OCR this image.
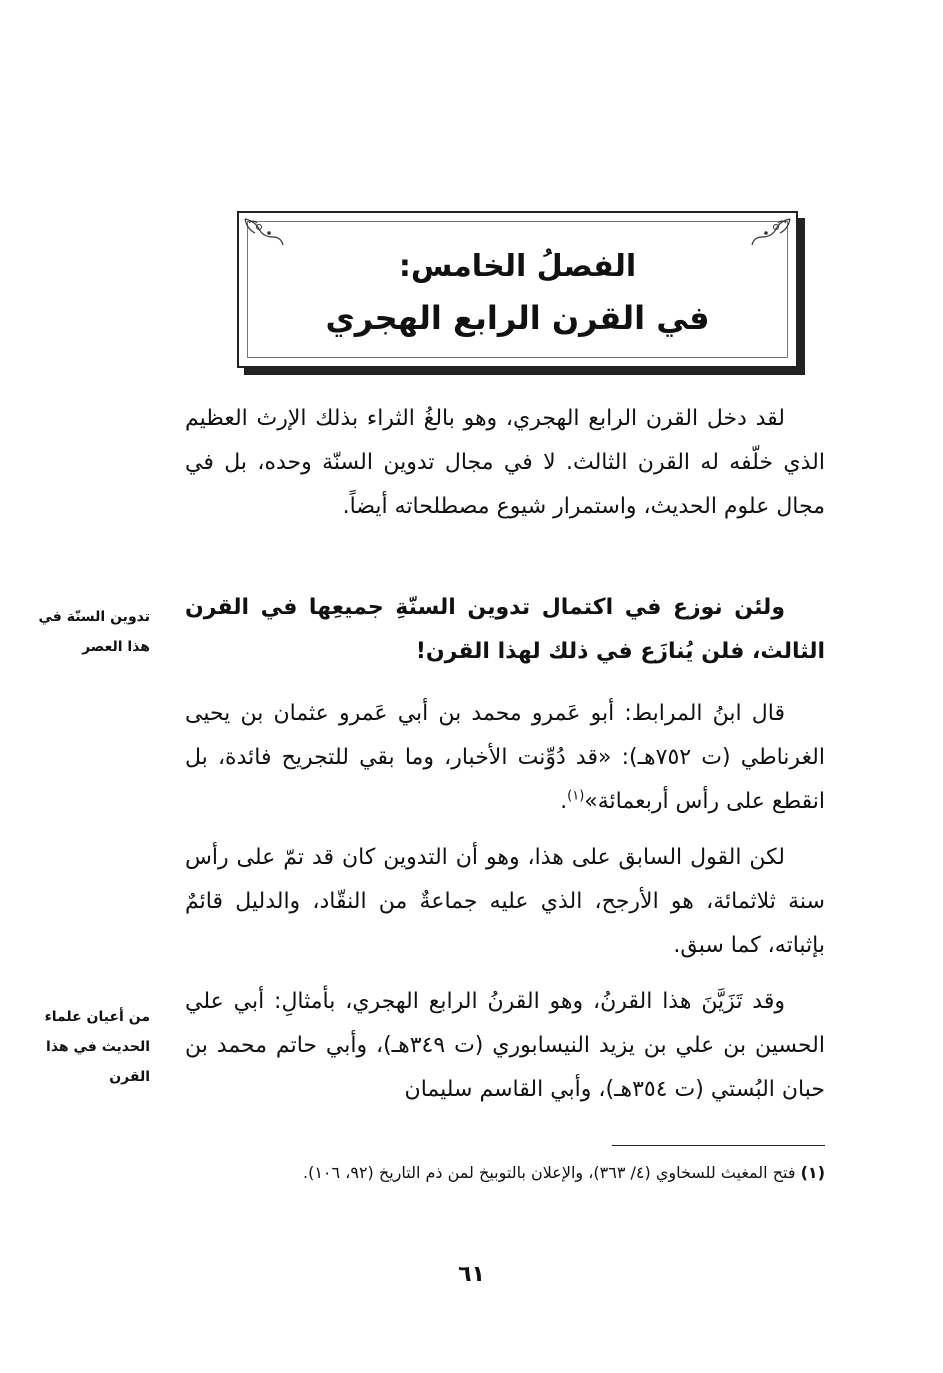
الفصلُ الخامس:
في القرن الرابع الهجري

لقد دخل القرن الرابع الهجري، وهو بالغُ الثراء بذلك الإرث العظيم الذي خلّفه له القرن الثالث. لا في مجال تدوين السنّة وحده، بل في مجال علوم الحديث، واستمرار شيوع مصطلحاته أيضاً.

ولئن نوزع في اكتمال تدوين السنّةِ جميعِها في القرن الثالث، فلن يُنازَع في ذلك لهذا القرن!

قال ابنُ المرابط: أبو عَمرو محمد بن أبي عَمرو عثمان بن يحيى الغرناطي (ت ٧٥٢هـ): «قد دُوِّنت الأخبار، وما بقي للتجريح فائدة، بل انقطع على رأس أربعمائة»$^{(١)}$.

لكن القول السابق على هذا، وهو أن التدوين كان قد تمّ على رأس سنة ثلاثمائة، هو الأرجح، الذي عليه جماعةٌ من النقّاد، والدليل قائمٌ بإثباته، كما سبق.

وقد تَزَيَّنَ هذا القرنُ، وهو القرنُ الرابع الهجري، بأمثالِ: أبي علي الحسين بن علي بن يزيد النيسابوري (ت ٣٤٩هـ)، وأبي حاتم محمد بن حبان البُستي (ت ٣٥٤هـ)، وأبي القاسم سليمان

تدوين السنّة في هذا العصر
من أعيان علماء الحديث في هذا القرن
(١) فتح المغيث للسخاوي (٤/ ٣٦٣)، والإعلان بالتوبيخ لمن ذم التاريخ (٩٢، ١٠٦).
٦١
